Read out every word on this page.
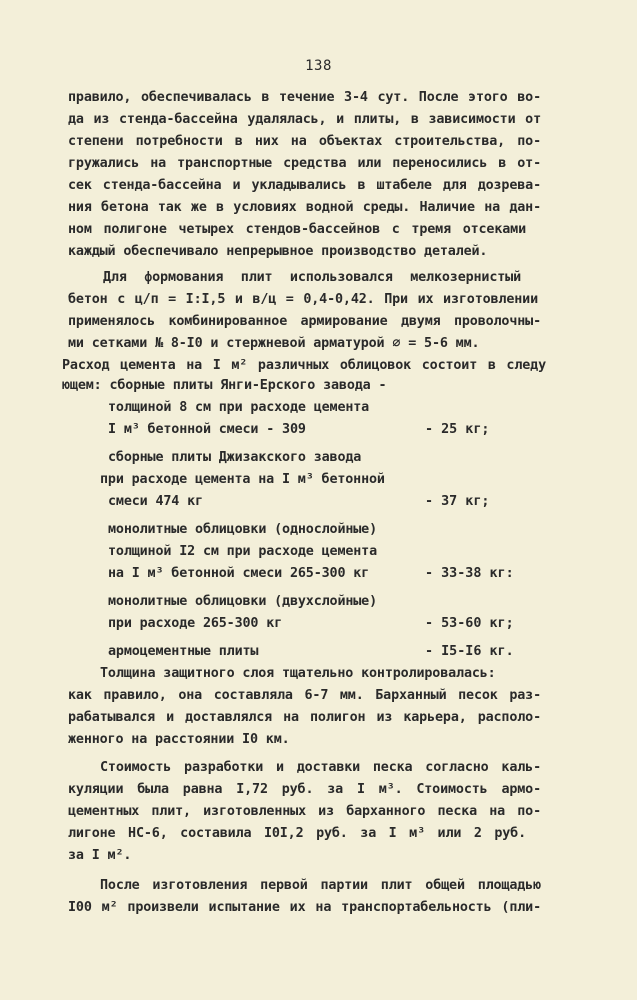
138
правило, обеспечивалась в течение 3-4 сут. После этого во-
да из стенда-бассейна удалялась, и плиты, в зависимости от
степени потребности в них на объектах строительства, по-
гружались на транспортные средства или переносились в от-
сек стенда-бассейна и укладывались в штабеле для дозрева-
ния бетона так же в условиях водной среды. Наличие на дан-
ном полигоне четырех стендов-бассейнов с тремя отсеками
каждый обеспечивало непрерывное производство деталей.
Для формования плит использовался мелкозернистый
бетон с ц/п = I:I,5 и в/ц = 0,4-0,42. При их изготовлении
применялось комбинированное армирование двумя проволочны-
ми сетками № 8-I0 и стержневой арматурой ∅ = 5-6 мм.
Расход цемента на I м² различных облицовок состоит в следу
ющем: сборные плиты Янги-Ерского завода -
толщиной 8 см при расходе цемента
I м³ бетонной смеси - 309	- 25 кг;
сборные плиты Джизакского завода
при расходе цемента на I м³ бетонной
смеси 474 кг	- 37 кг;
монолитные облицовки (однослойные)
толщиной I2 см при расходе цемента
на I м³ бетонной смеси 265-300 кг	- 33-38 кг:
монолитные облицовки (двухслойные)
при расходе 265-300 кг	- 53-60 кг;
армоцементные плиты	- I5-I6 кг.
Толщина защитного слоя тщательно контролировалась:
как правило, она составляла 6-7 мм. Барханный песок раз-
рабатывался и доставлялся на полигон из карьера, располо-
женного на расстоянии I0 км.
Стоимость разработки и доставки песка согласно каль-
куляции была равна I,72 руб. за I м³. Стоимость армо-
цементных плит, изготовленных из барханного песка на по-
лигоне НС-6, составила I0I,2 руб. за I м³ или 2 руб.
за I м².
После изготовления первой партии плит общей площадью
I00 м² произвели испытание их на транспортабельность (пли-
